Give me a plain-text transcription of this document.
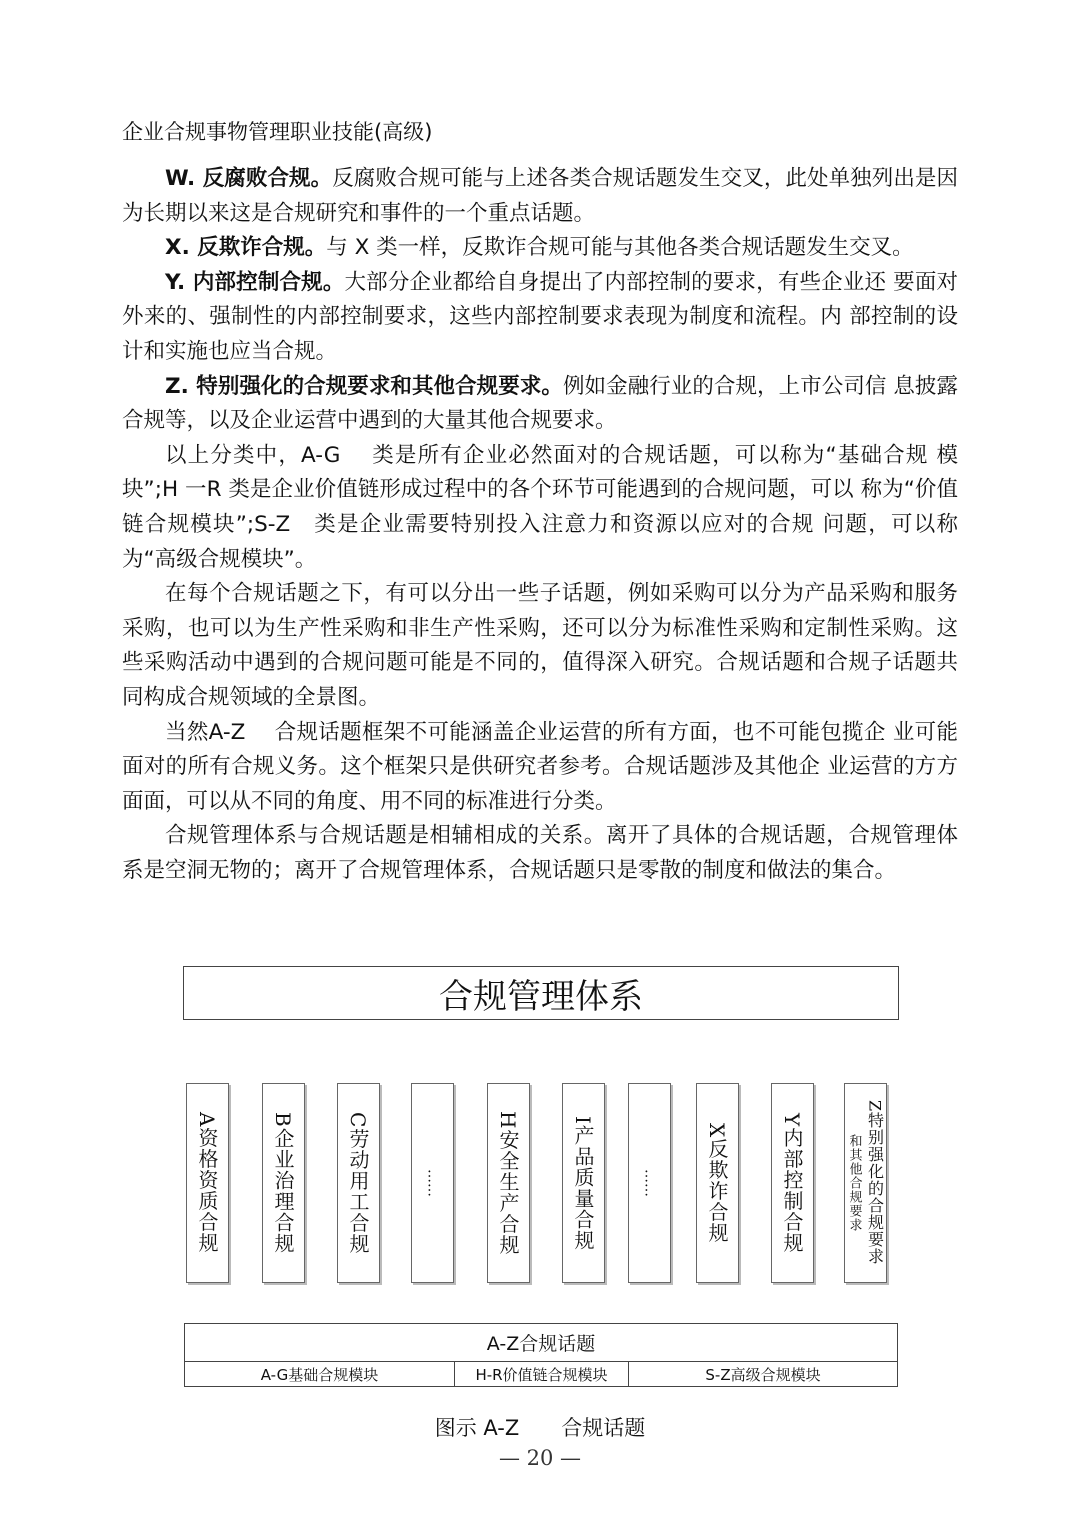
企业合规事物管理职业技能(高级)

W. 反腐败合规。反腐败合规可能与上述各类合规话题发生交叉，此处单独列出是因为长期以来这是合规研究和事件的一个重点话题。

X. 反欺诈合规。与 X 类一样，反欺诈合规可能与其他各类合规话题发生交叉。

Y. 内部控制合规。大部分企业都给自身提出了内部控制的要求，有些企业还 要面对外来的、强制性的内部控制要求，这些内部控制要求表现为制度和流程。内 部控制的设计和实施也应当合规。

Z. 特别强化的合规要求和其他合规要求。例如金融行业的合规，上市公司信 息披露合规等，以及企业运营中遇到的大量其他合规要求。

以上分类中，A-G　 类是所有企业必然面对的合规话题，可以称为“基础合规 模块”;H 一R 类是企业价值链形成过程中的各个环节可能遇到的合规问题，可以 称为“价值链合规模块”;S-Z　类是企业需要特别投入注意力和资源以应对的合规 问题，可以称为“高级合规模块”。

在每个合规话题之下，有可以分出一些子话题，例如采购可以分为产品采购和服务采购，也可以为生产性采购和非生产性采购，还可以分为标准性采购和定制性采购。这些采购活动中遇到的合规问题可能是不同的，值得深入研究。合规话题和合规子话题共同构成合规领域的全景图。

当然A-Z　 合规话题框架不可能涵盖企业运营的所有方面，也不可能包揽企 业可能面对的所有合规义务。这个框架只是供研究者参考。合规话题涉及其他企 业运营的方方面面，可以从不同的角度、用不同的标准进行分类。

合规管理体系与合规话题是相辅相成的关系。离开了具体的合规话题，合规管理体系是空洞无物的；离开了合规管理体系，合规话题只是零散的制度和做法的集合。

合规管理体系
A资格资质合规	B企业治理合规	C劳动用工合规	……	H安全生产合规	I产品质量合规	…… X反欺诈合规	Y内部控制合规	Z特别强化的合规要求
和其他合规要求
A-Z合规话题
A-G基础合规模块	H-R价值链合规模块	S-Z高级合规模块
图示 A-Z　　合规话题
— 20 —
